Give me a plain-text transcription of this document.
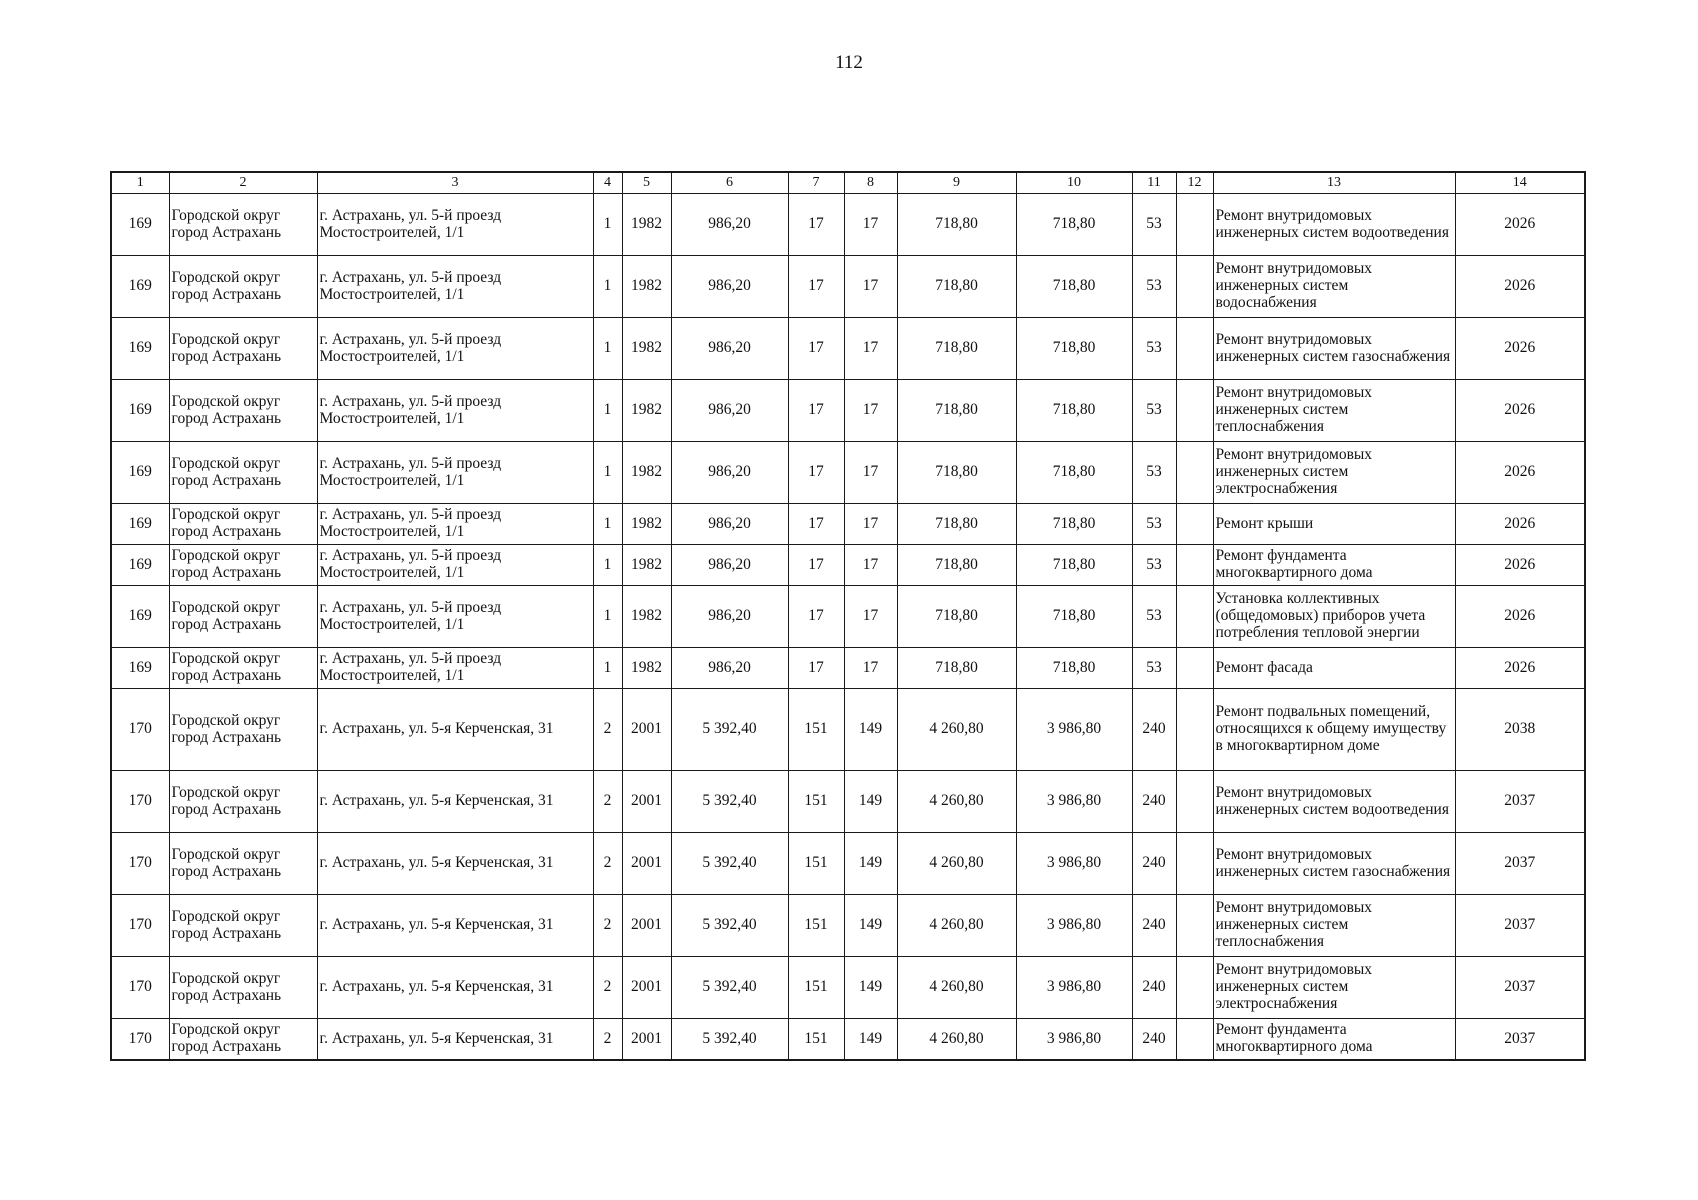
112
1	2	3	4	5	6	7	8	9	10	11	12	13	14
169	Городской округ город Астрахань	г. Астрахань, ул. 5-й проезд Мостостроителей, 1/1	1	1982	986,20	17	17	718,80	718,80	53		Ремонт внутридомовых инженерных систем водоотведения	2026
169	Городской округ город Астрахань	г. Астрахань, ул. 5-й проезд Мостостроителей, 1/1	1	1982	986,20	17	17	718,80	718,80	53		Ремонт внутридомовых инженерных систем водоснабжения	2026
169	Городской округ город Астрахань	г. Астрахань, ул. 5-й проезд Мостостроителей, 1/1	1	1982	986,20	17	17	718,80	718,80	53		Ремонт внутридомовых инженерных систем газоснабжения	2026
169	Городской округ город Астрахань	г. Астрахань, ул. 5-й проезд Мостостроителей, 1/1	1	1982	986,20	17	17	718,80	718,80	53		Ремонт внутридомовых инженерных систем теплоснабжения	2026
169	Городской округ город Астрахань	г. Астрахань, ул. 5-й проезд Мостостроителей, 1/1	1	1982	986,20	17	17	718,80	718,80	53		Ремонт внутридомовых инженерных систем электроснабжения	2026
169	Городской округ город Астрахань	г. Астрахань, ул. 5-й проезд Мостостроителей, 1/1	1	1982	986,20	17	17	718,80	718,80	53		Ремонт крыши	2026
169	Городской округ город Астрахань	г. Астрахань, ул. 5-й проезд Мостостроителей, 1/1	1	1982	986,20	17	17	718,80	718,80	53		Ремонт фундамента многоквартирного дома	2026
169	Городской округ город Астрахань	г. Астрахань, ул. 5-й проезд Мостостроителей, 1/1	1	1982	986,20	17	17	718,80	718,80	53		Установка коллективных (общедомовых) приборов учета потребления тепловой энергии	2026
169	Городской округ город Астрахань	г. Астрахань, ул. 5-й проезд Мостостроителей, 1/1	1	1982	986,20	17	17	718,80	718,80	53		Ремонт фасада	2026
170	Городской округ город Астрахань	г. Астрахань, ул. 5-я Керченская, 31	2	2001	5 392,40	151	149	4 260,80	3 986,80	240		Ремонт подвальных помещений, относящихся к общему имуществу в многоквартирном доме	2038
170	Городской округ город Астрахань	г. Астрахань, ул. 5-я Керченская, 31	2	2001	5 392,40	151	149	4 260,80	3 986,80	240		Ремонт внутридомовых инженерных систем водоотведения	2037
170	Городской округ город Астрахань	г. Астрахань, ул. 5-я Керченская, 31	2	2001	5 392,40	151	149	4 260,80	3 986,80	240		Ремонт внутридомовых инженерных систем газоснабжения	2037
170	Городской округ город Астрахань	г. Астрахань, ул. 5-я Керченская, 31	2	2001	5 392,40	151	149	4 260,80	3 986,80	240		Ремонт внутридомовых инженерных систем теплоснабжения	2037
170	Городской округ город Астрахань	г. Астрахань, ул. 5-я Керченская, 31	2	2001	5 392,40	151	149	4 260,80	3 986,80	240		Ремонт внутридомовых инженерных систем электроснабжения	2037
170	Городской округ город Астрахань	г. Астрахань, ул. 5-я Керченская, 31	2	2001	5 392,40	151	149	4 260,80	3 986,80	240		Ремонт фундамента многоквартирного дома	2037
